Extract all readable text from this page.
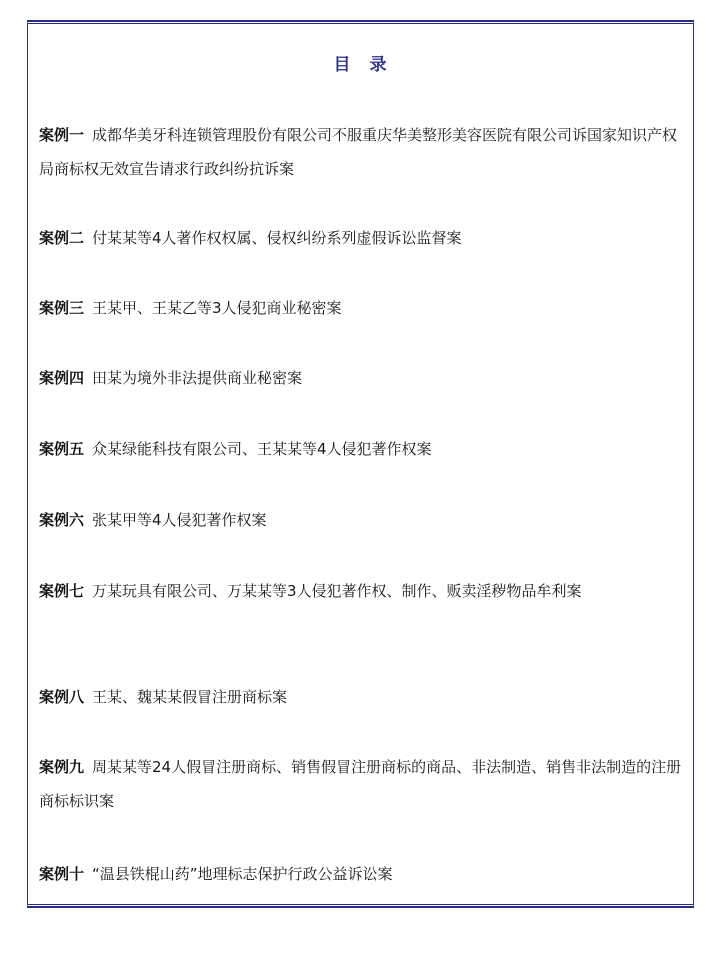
目　录
案例一 成都华美牙科连锁管理股份有限公司不服重庆华美整形美容医院有限公司诉国家知识产权局商标权无效宣告请求行政纠纷抗诉案
案例二 付某某等4人著作权权属、侵权纠纷系列虚假诉讼监督案
案例三 王某甲、王某乙等3人侵犯商业秘密案
案例四 田某为境外非法提供商业秘密案
案例五 众某绿能科技有限公司、王某某等4人侵犯著作权案
案例六 张某甲等4人侵犯著作权案
案例七 万某玩具有限公司、万某某等3人侵犯著作权、制作、贩卖淫秽物品牟利案
案例八 王某、魏某某假冒注册商标案
案例九 周某某等24人假冒注册商标、销售假冒注册商标的商品、非法制造、销售非法制造的注册商标标识案
案例十 “温县铁棍山药”地理标志保护行政公益诉讼案
